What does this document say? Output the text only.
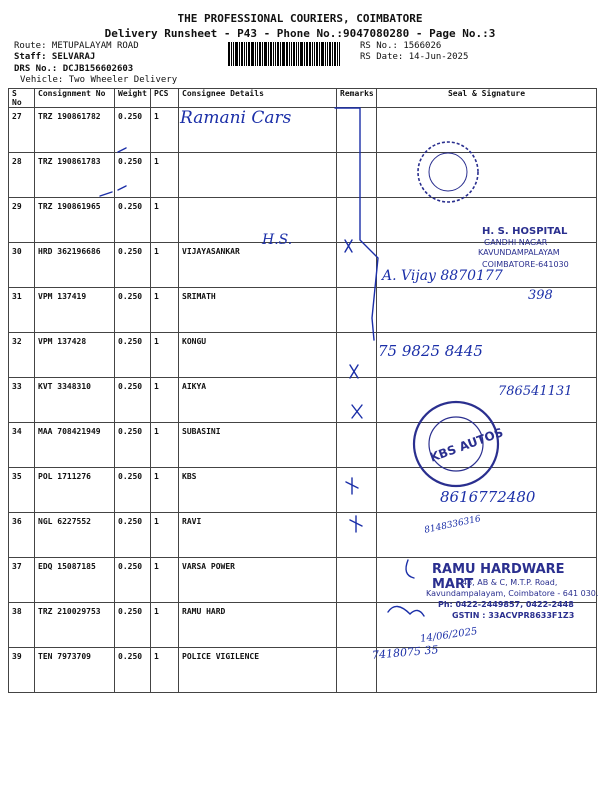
THE PROFESSIONAL COURIERS, COIMBATORE
Delivery Runsheet - P43 - Phone No.:9047080280 - Page No.:3
Route: METUPALAYAM ROAD
Staff: SELVARAJ
DRS No.: DCJB156602603
Vehicle: Two Wheeler Delivery
RS No.: 1566026
RS Date: 14-Jun-2025
S No	Consignment No	Weight	PCS	Consignee Details	Remarks	Seal & Signature
27	TRZ 190861782	0.250	1			
28	TRZ 190861783	0.250	1			
29	TRZ 190861965	0.250	1			
30	HRD 362196686	0.250	1	VIJAYASANKAR		
31	VPM 137419	0.250	1	SRIMATH		
32	VPM 137428	0.250	1	KONGU		
33	KVT 3348310	0.250	1	AIKYA		
34	MAA 708421949	0.250	1	SUBASINI		
35	POL 1711276	0.250	1	KBS		
36	NGL 6227552	0.250	1	RAVI		
37	EDQ 15087185	0.250	1	VARSA POWER		
38	TRZ 210029753	0.250	1	RAMU HARD		
39	TEN 7973709	0.250	1	POLICE VIGILENCE		
Ramani Cars
H.S.
A. Vijay 8870177
398
75 9825 8445
786541131
8616772480
8148336316
14/06/2025
7418075 35
H. S. HOSPITAL
GANDHI NAGAR
KAVUNDAMPALAYAM
COIMBATORE-641030
KBS AUTOS
RAMU HARDWARE MART
43, AB & C, M.T.P. Road,
Kavundampalayam, Coimbatore - 641 030.
Ph: 0422-2449857, 0422-2448
GSTIN : 33ACVPR8633F1Z3
